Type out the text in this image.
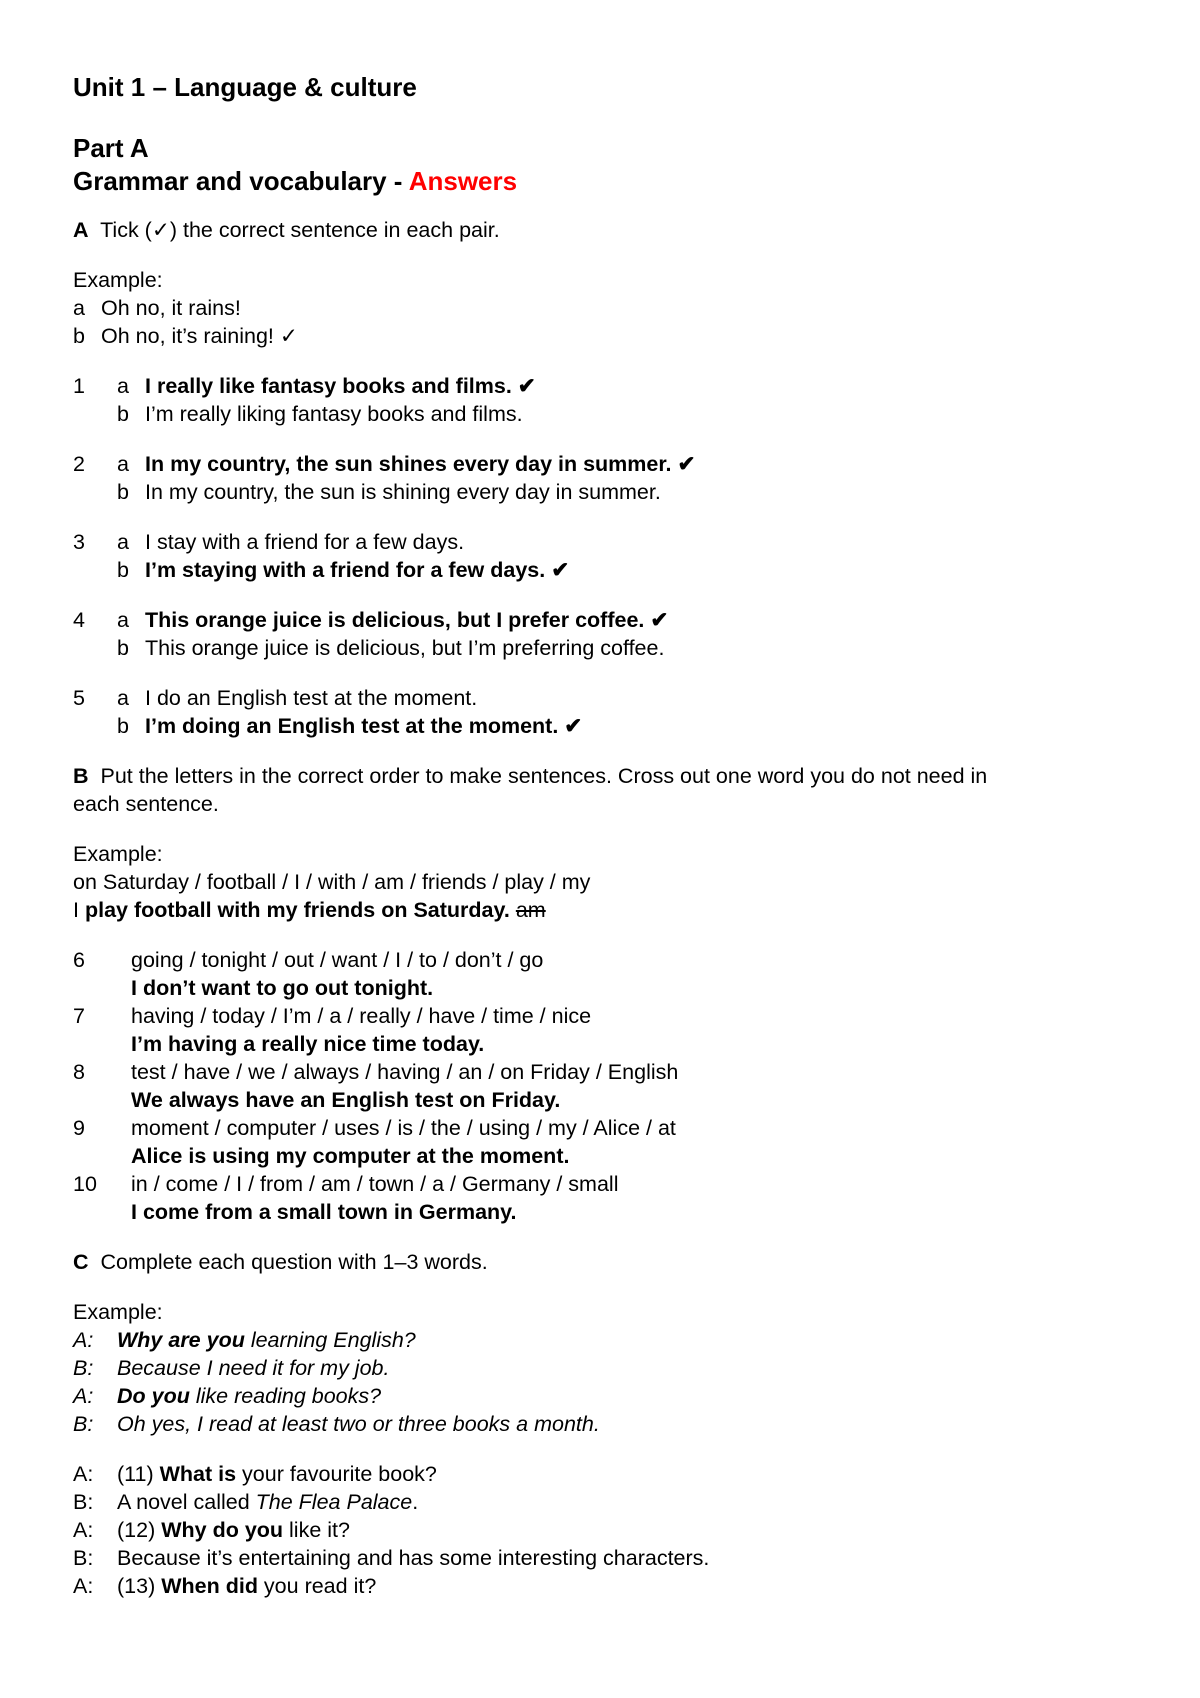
Unit 1 – Language & culture
Part A
Grammar and vocabulary - Answers
A Tick (✓) the correct sentence in each pair.
Example:
a Oh no, it rains!
b Oh no, it’s raining! ✓
1	a I really like fantasy books and films. ✔
b I’m really liking fantasy books and films.
2	a In my country, the sun shines every day in summer. ✔
b In my country, the sun is shining every day in summer.
3	a I stay with a friend for a few days.
b I’m staying with a friend for a few days. ✔
4	a This orange juice is delicious, but I prefer coffee. ✔
b This orange juice is delicious, but I’m preferring coffee.
5	a I do an English test at the moment.
b I’m doing an English test at the moment. ✔
B Put the letters in the correct order to make sentences. Cross out one word you do not need in
each sentence.
Example:
on Saturday / football / I / with / am / friends / play / my
I play football with my friends on Saturday. am
6	going / tonight / out / want / I / to / don’t / go
I don’t want to go out tonight.
7	having / today / I’m / a / really / have / time / nice
I’m having a really nice time today.
8	test / have / we / always / having / an / on Friday / English
We always have an English test on Friday.
9	moment / computer / uses / is / the / using / my / Alice / at
Alice is using my computer at the moment.
10	in / come / I / from / am / town / a / Germany / small
I come from a small town in Germany.
C Complete each question with 1–3 words.
Example:
A:	Why are you learning English?
B:	Because I need it for my job.
A:	Do you like reading books?
B:	Oh yes, I read at least two or three books a month.
A:	(11) What is your favourite book?
B:	A novel called The Flea Palace.
A:	(12) Why do you like it?
B:	Because it’s entertaining and has some interesting characters.
A:	(13) When did you read it?
